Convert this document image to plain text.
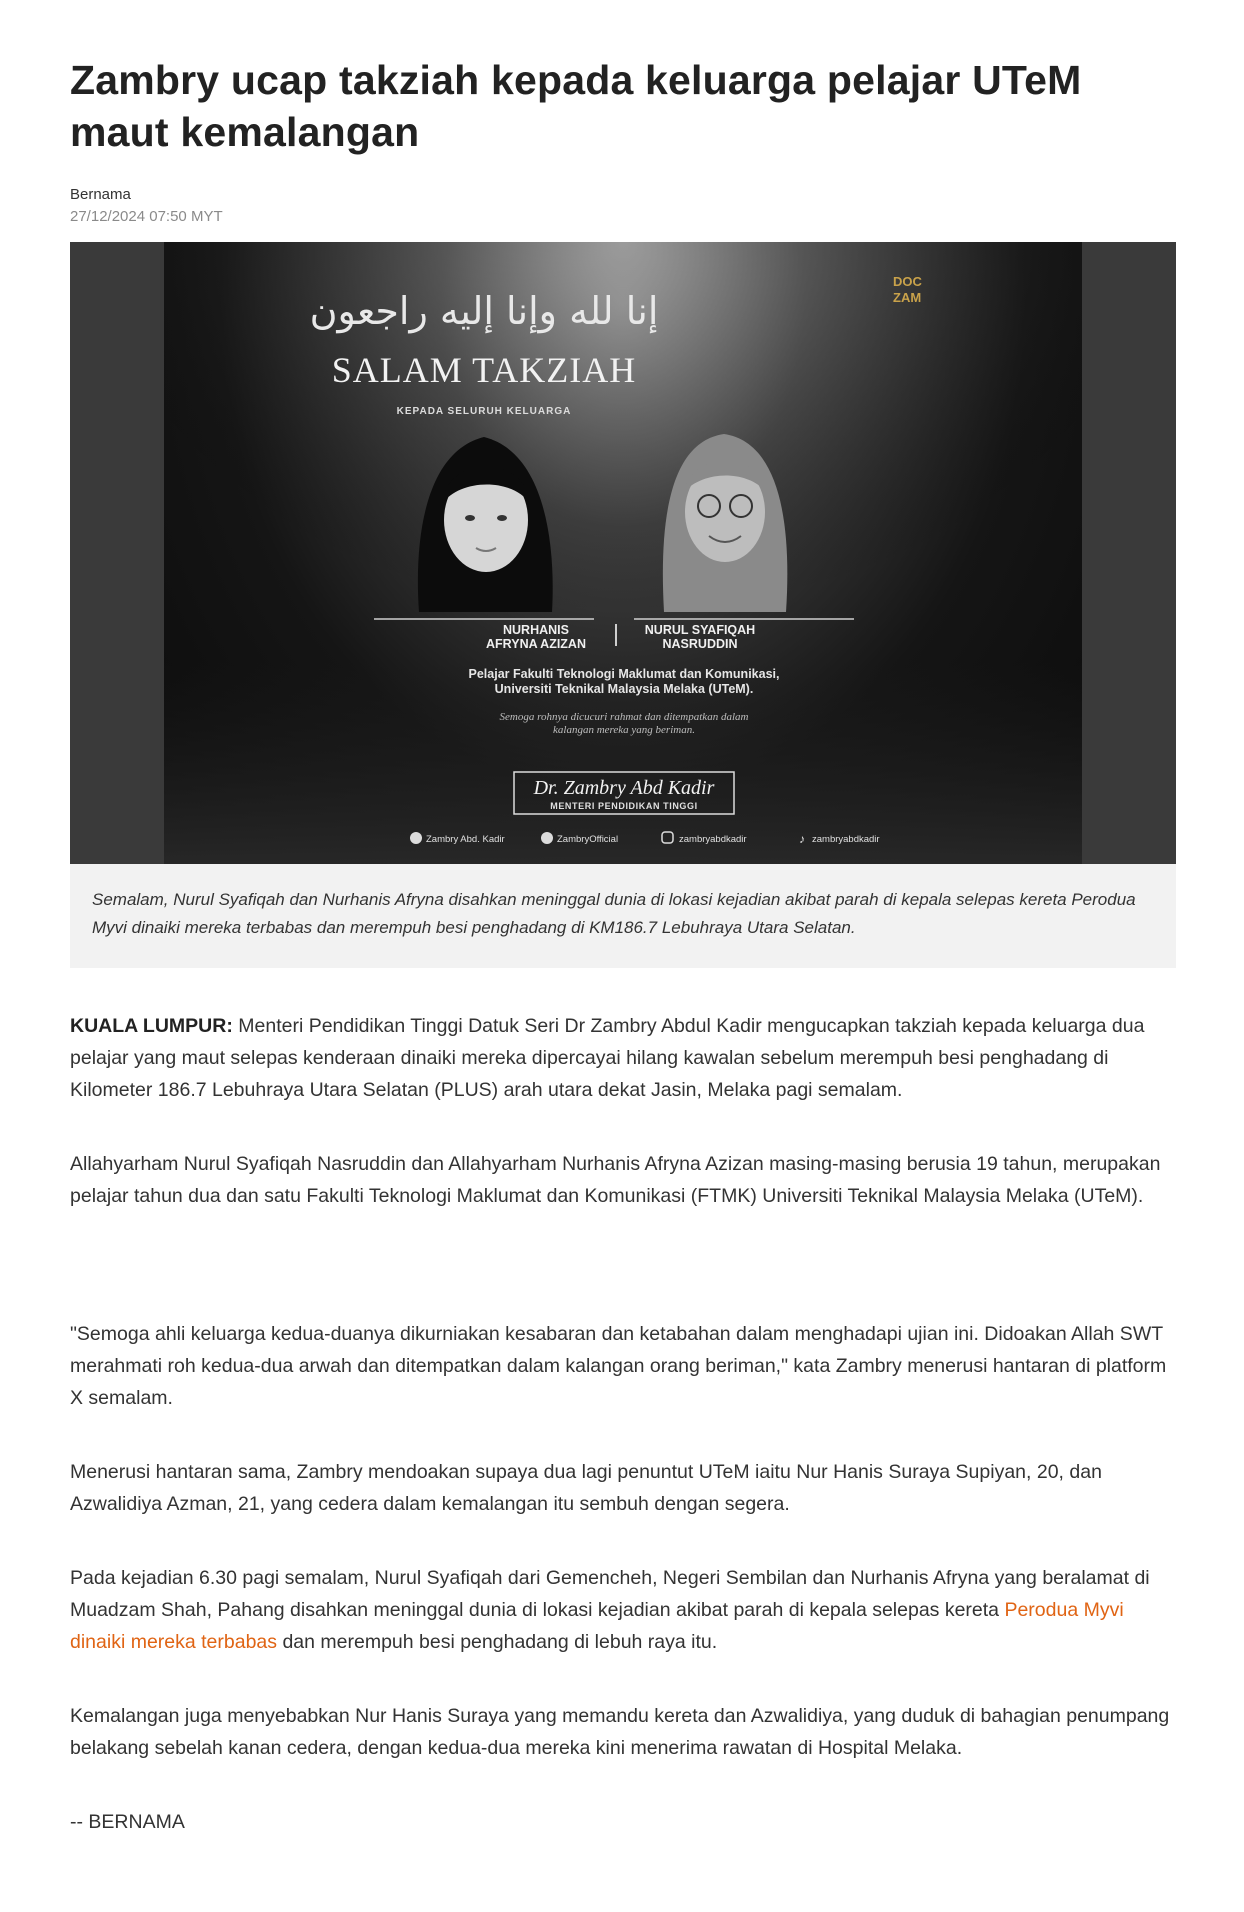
Zambry ucap takziah kepada keluarga pelajar UTeM maut kemalangan
Bernama
27/12/2024 07:50 MYT
DOC
ZAM
إنا لله وإنا إليه راجعون
SALAM TAKZIAH
KEPADA SELURUH KELUARGA
NURHANIS
AFRYNA AZIZAN
NURUL SYAFIQAH
NASRUDDIN
Pelajar Fakulti Teknologi Maklumat dan Komunikasi,
Universiti Teknikal Malaysia Melaka (UTeM).
Semoga rohnya dicucuri rahmat dan ditempatkan dalam
kalangan mereka yang beriman.
Dr. Zambry Abd Kadir
MENTERI PENDIDIKAN TINGGI
Zambry Abd. Kadir	ZambryOfficial	zambryabdkadir	♪ zambryabdkadir
Semalam, Nurul Syafiqah dan Nurhanis Afryna disahkan meninggal dunia di lokasi kejadian akibat parah di kepala selepas kereta Perodua Myvi dinaiki mereka terbabas dan merempuh besi penghadang di KM186.7 Lebuhraya Utara Selatan.

KUALA LUMPUR: Menteri Pendidikan Tinggi Datuk Seri Dr Zambry Abdul Kadir mengucapkan takziah kepada keluarga dua pelajar yang maut selepas kenderaan dinaiki mereka dipercayai hilang kawalan sebelum merempuh besi penghadang di Kilometer 186.7 Lebuhraya Utara Selatan (PLUS) arah utara dekat Jasin, Melaka pagi semalam.

Allahyarham Nurul Syafiqah Nasruddin dan Allahyarham Nurhanis Afryna Azizan masing-masing berusia 19 tahun, merupakan pelajar tahun dua dan satu Fakulti Teknologi Maklumat dan Komunikasi (FTMK) Universiti Teknikal Malaysia Melaka (UTeM).

"Semoga ahli keluarga kedua-duanya dikurniakan kesabaran dan ketabahan dalam menghadapi ujian ini. Didoakan Allah SWT merahmati roh kedua-dua arwah dan ditempatkan dalam kalangan orang beriman," kata Zambry menerusi hantaran di platform X semalam.

Menerusi hantaran sama, Zambry mendoakan supaya dua lagi penuntut UTeM iaitu Nur Hanis Suraya Supiyan, 20, dan Azwalidiya Azman, 21, yang cedera dalam kemalangan itu sembuh dengan segera.

Pada kejadian 6.30 pagi semalam, Nurul Syafiqah dari Gemencheh, Negeri Sembilan dan Nurhanis Afryna yang beralamat di Muadzam Shah, Pahang disahkan meninggal dunia di lokasi kejadian akibat parah di kepala selepas kereta Perodua Myvi dinaiki mereka terbabas dan merempuh besi penghadang di lebuh raya itu.

Kemalangan juga menyebabkan Nur Hanis Suraya yang memandu kereta dan Azwalidiya, yang duduk di bahagian penumpang belakang sebelah kanan cedera, dengan kedua-dua mereka kini menerima rawatan di Hospital Melaka.

-- BERNAMA
